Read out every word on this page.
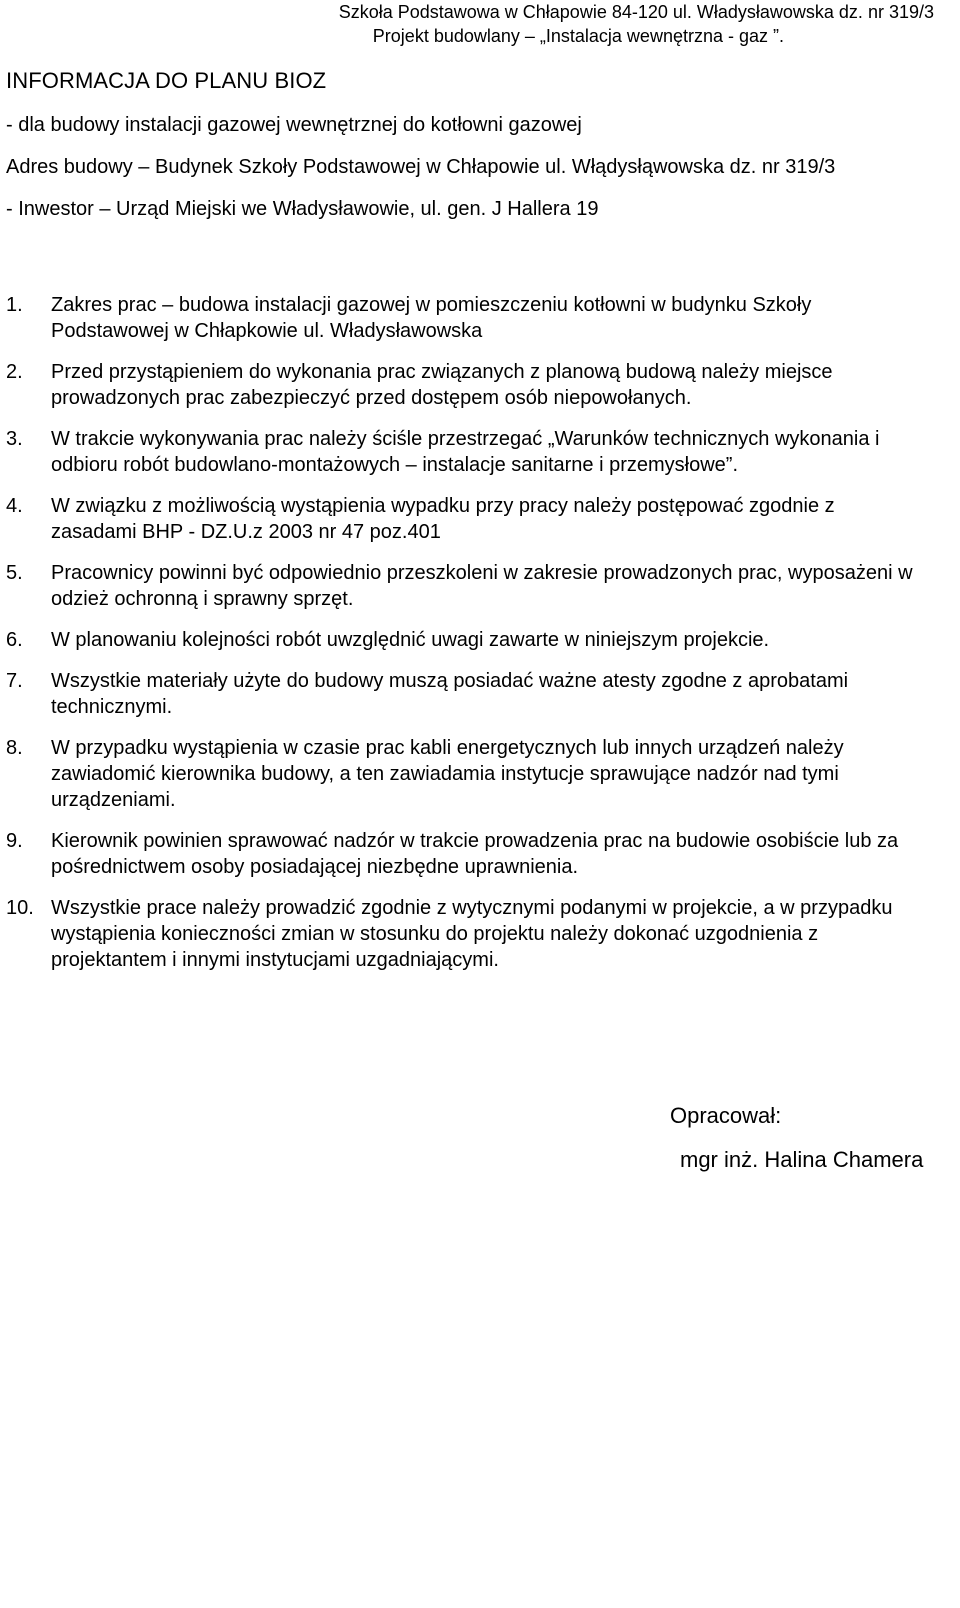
Szkoła Podstawowa w Chłapowie 84-120 ul. Władysławowska dz. nr 319/3
Projekt budowlany – „Instalacja wewnętrzna - gaz ”.
INFORMACJA DO PLANU BIOZ

- dla budowy instalacji gazowej wewnętrznej do kotłowni gazowej

Adres budowy – Budynek Szkoły Podstawowej w Chłapowie ul. Włądysłąwowska dz. nr 319/3

- Inwestor – Urząd Miejski we Władysławowie, ul. gen. J Hallera 19

1.	Zakres prac – budowa instalacji gazowej w pomieszczeniu kotłowni w budynku Szkoły Podstawowej w Chłapkowie ul. Władysławowska
2.	Przed przystąpieniem do wykonania prac związanych z planową budową należy miejsce prowadzonych prac zabezpieczyć przed dostępem osób niepowołanych.
3.	W trakcie wykonywania prac należy ściśle przestrzegać „Warunków technicznych wykonania i odbioru robót budowlano-montażowych – instalacje sanitarne i przemysłowe”.
4.	W związku z możliwością wystąpienia wypadku przy pracy należy postępować zgodnie z zasadami BHP - DZ.U.z 2003 nr 47 poz.401
5.	Pracownicy powinni być odpowiednio przeszkoleni w zakresie prowadzonych prac, wyposażeni w odzież ochronną i sprawny sprzęt.
6.	W planowaniu kolejności robót uwzględnić uwagi zawarte w niniejszym projekcie.
7.	Wszystkie materiały użyte do budowy muszą posiadać ważne atesty zgodne z aprobatami technicznymi.
8.	W przypadku wystąpienia w czasie prac kabli energetycznych lub innych urządzeń należy zawiadomić kierownika budowy, a ten zawiadamia instytucje sprawujące nadzór nad tymi urządzeniami.
9.	Kierownik powinien sprawować nadzór w trakcie prowadzenia prac na budowie osobiście lub za pośrednictwem osoby posiadającej niezbędne uprawnienia.
10. Wszystkie prace należy prowadzić zgodnie z wytycznymi podanymi w projekcie, a w przypadku wystąpienia konieczności zmian w stosunku do projektu należy dokonać uzgodnienia z projektantem i innymi instytucjami uzgadniającymi.
Opracował:
mgr inż. Halina Chamera
